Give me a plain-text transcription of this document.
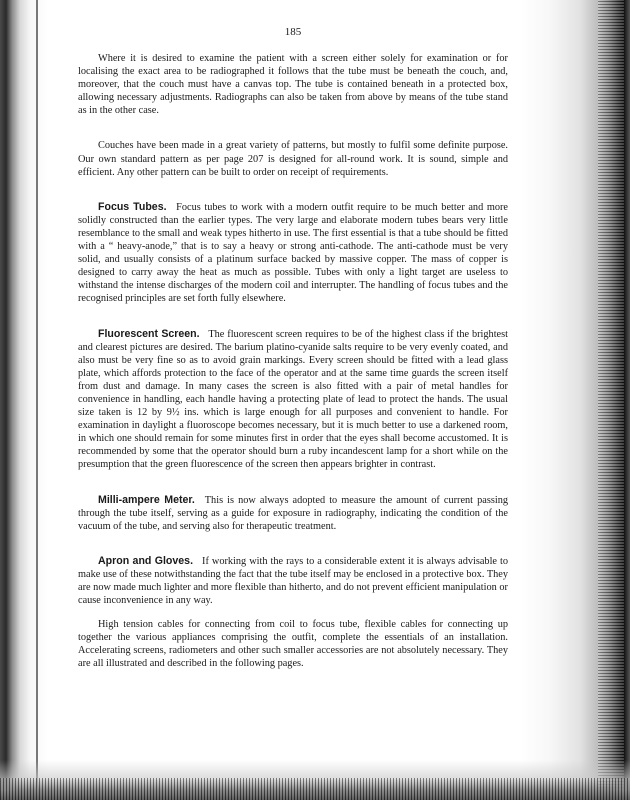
185

Where it is desired to examine the patient with a screen either solely for examination or for localising the exact area to be radiographed it follows that the tube must be beneath the couch, and, moreover, that the couch must have a canvas top. The tube is contained beneath in a protected box, allowing necessary adjustments. Radiographs can also be taken from above by means of the tube stand as in the other case.

Couches have been made in a great variety of patterns, but mostly to fulfil some definite purpose. Our own standard pattern as per page 207 is designed for all-round work. It is sound, simple and efficient. Any other pattern can be built to order on receipt of requirements.

Focus Tubes. Focus tubes to work with a modern outfit require to be much better and more solidly constructed than the earlier types. The very large and elaborate modern tubes bears very little resemblance to the small and weak types hitherto in use. The first essential is that a tube should be fitted with a “ heavy-anode,” that is to say a heavy or strong anti-cathode. The anti-cathode must be very solid, and usually consists of a platinum surface backed by massive copper. The mass of copper is designed to carry away the heat as much as possible. Tubes with only a light target are useless to withstand the intense discharges of the modern coil and interrupter. The handling of focus tubes and the recognised principles are set forth fully elsewhere.

Fluorescent Screen. The fluorescent screen requires to be of the highest class if the brightest and clearest pictures are desired. The barium platino-cyanide salts require to be very evenly coated, and also must be very fine so as to avoid grain markings. Every screen should be fitted with a lead glass plate, which affords protection to the face of the operator and at the same time guards the screen itself from dust and damage. In many cases the screen is also fitted with a pair of metal handles for convenience in handling, each handle having a protecting plate of lead to protect the hands. The usual size taken is 12 by 9½ ins. which is large enough for all purposes and convenient to handle. For examination in daylight a fluoroscope becomes necessary, but it is much better to use a darkened room, in which one should remain for some minutes first in order that the eyes shall become accustomed. It is recommended by some that the operator should burn a ruby incandescent lamp for a short while on the presumption that the green fluorescence of the screen then appears brighter in contrast.

Milli-ampere Meter. This is now always adopted to measure the amount of current passing through the tube itself, serving as a guide for exposure in radiography, indicating the condition of the vacuum of the tube, and serving also for therapeutic treatment.

Apron and Gloves. If working with the rays to a considerable extent it is always advisable to make use of these notwithstanding the fact that the tube itself may be enclosed in a protective box. They are now made much lighter and more flexible than hitherto, and do not prevent efficient manipulation or cause inconvenience in any way.

High tension cables for connecting from coil to focus tube, flexible cables for connecting up together the various appliances comprising the outfit, complete the essentials of an installation. Accelerating screens, radiometers and other such smaller accessories are not absolutely necessary. They are all illustrated and described in the following pages.
